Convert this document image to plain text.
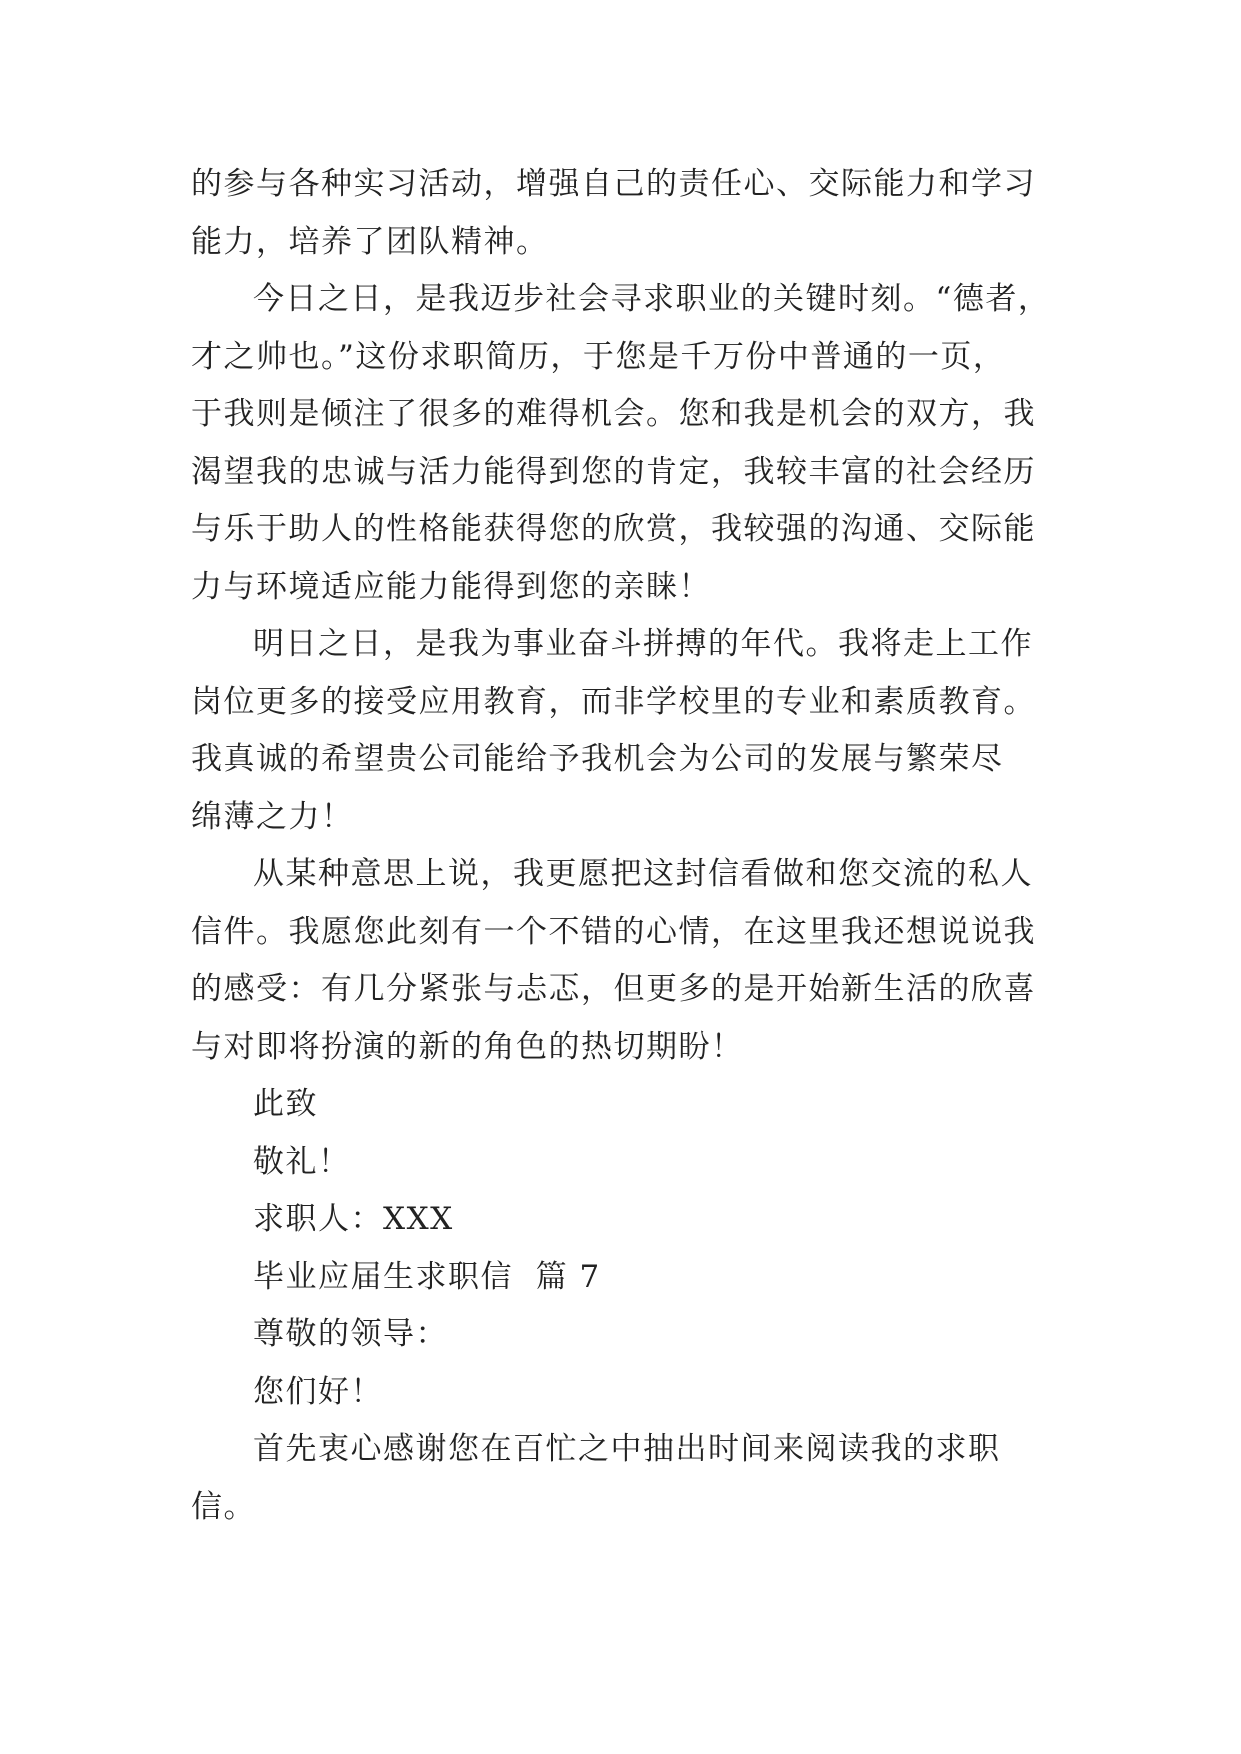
的参与各种实习活动，增强自己的责任心、交际能力和学习
能力，培养了团队精神。
今日之日，是我迈步社会寻求职业的关键时刻。“德者，
才之帅也。”这份求职简历，于您是千万份中普通的一页，
于我则是倾注了很多的难得机会。您和我是机会的双方，我
渴望我的忠诚与活力能得到您的肯定，我较丰富的社会经历
与乐于助人的性格能获得您的欣赏，我较强的沟通、交际能
力与环境适应能力能得到您的亲睐！
明日之日，是我为事业奋斗拼搏的年代。我将走上工作
岗位更多的接受应用教育，而非学校里的专业和素质教育。
我真诚的希望贵公司能给予我机会为公司的发展与繁荣尽
绵薄之力！
从某种意思上说，我更愿把这封信看做和您交流的私人
信件。我愿您此刻有一个不错的心情，在这里我还想说说我
的感受：有几分紧张与忐忑，但更多的是开始新生活的欣喜
与对即将扮演的新的角色的热切期盼！
此致
敬礼！
求职人：XXX
毕业应届生求职信  篇 7
尊敬的领导：
您们好！
首先衷心感谢您在百忙之中抽出时间来阅读我的求职
信。
